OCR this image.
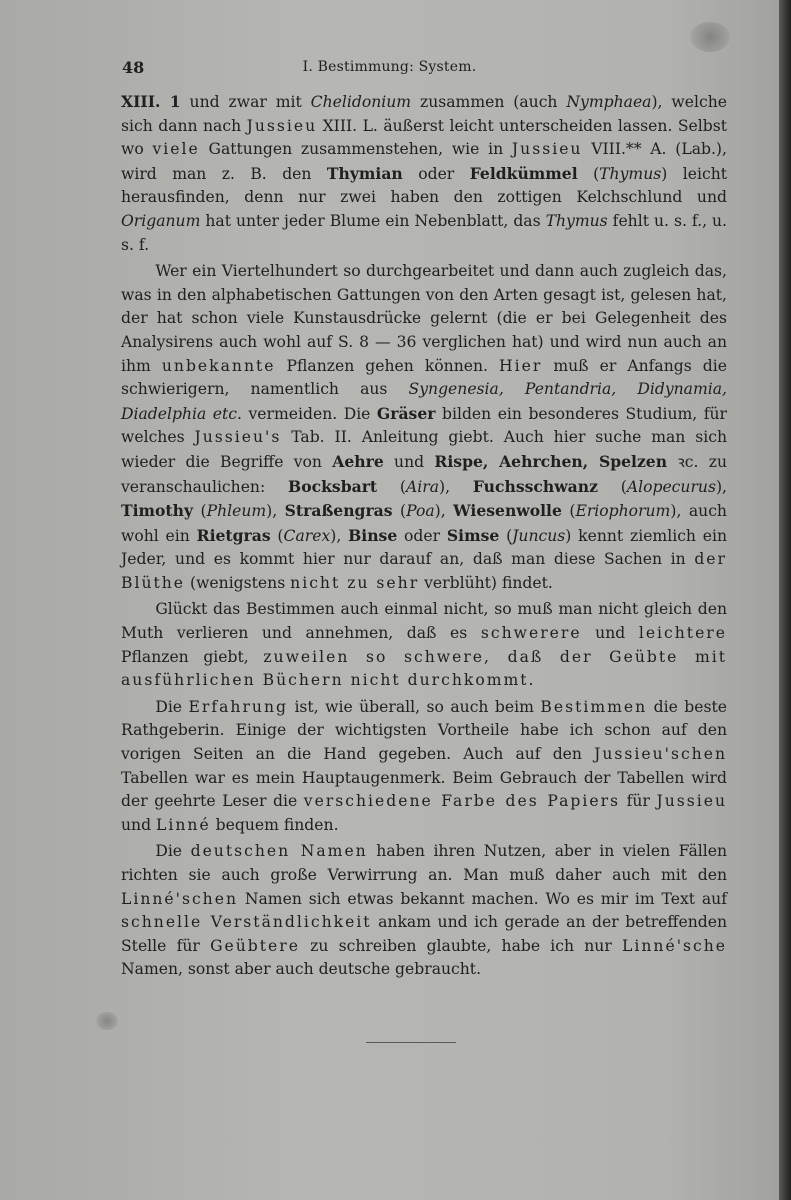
48	I. Bestimmung: System.

XIII. 1 und zwar mit Chelidonium zusammen (auch Nymphaea), welche sich dann nach Jussieu XIII. L. äußerst leicht unterscheiden lassen. Selbst wo viele Gattungen zusammenstehen, wie in Jussieu VIII.** A. (Lab.), wird man z. B. den Thymian oder Feldkümmel (Thymus) leicht herausfinden, denn nur zwei haben den zottigen Kelchschlund und Origanum hat unter jeder Blume ein Nebenblatt, das Thymus fehlt u. s. f., u. s. f.

Wer ein Viertelhundert so durchgearbeitet und dann auch zugleich das, was in den alphabetischen Gattungen von den Arten gesagt ist, gelesen hat, der hat schon viele Kunstausdrücke gelernt (die er bei Gelegenheit des Analysirens auch wohl auf S. 8 — 36 verglichen hat) und wird nun auch an ihm unbekannte Pflanzen gehen können. Hier muß er Anfangs die schwierigern, namentlich aus Syngenesia, Pentandria, Didynamia, Diadelphia etc. vermeiden. Die Gräser bilden ein besonderes Studium, für welches Jussieu's Tab. II. Anleitung giebt. Auch hier suche man sich wieder die Begriffe von Aehre und Rispe, Aehrchen, Spelzen ꝛc. zu veranschaulichen: Bocksbart (Aira), Fuchsschwanz (Alopecurus), Timothy (Phleum), Straßengras (Poa), Wiesenwolle (Eriophorum), auch wohl ein Rietgras (Carex), Binse oder Simse (Juncus) kennt ziemlich ein Jeder, und es kommt hier nur darauf an, daß man diese Sachen in der Blüthe (wenigstens nicht zu sehr verblüht) findet.

Glückt das Bestimmen auch einmal nicht, so muß man nicht gleich den Muth verlieren und annehmen, daß es schwerere und leichtere Pflanzen giebt, zuweilen so schwere, daß der Geübte mit ausführlichen Büchern nicht durchkommt.

Die Erfahrung ist, wie überall, so auch beim Bestimmen die beste Rathgeberin. Einige der wichtigsten Vortheile habe ich schon auf den vorigen Seiten an die Hand gegeben. Auch auf den Jussieu'schen Tabellen war es mein Hauptaugenmerk. Beim Gebrauch der Tabellen wird der geehrte Leser die verschiedene Farbe des Papiers für Jussieu und Linné bequem finden.

Die deutschen Namen haben ihren Nutzen, aber in vielen Fällen richten sie auch große Verwirrung an. Man muß daher auch mit den Linné'schen Namen sich etwas bekannt machen. Wo es mir im Text auf schnelle Verständlichkeit ankam und ich gerade an der betreffenden Stelle für Geübtere zu schreiben glaubte, habe ich nur Linné'sche Namen, sonst aber auch deutsche gebraucht.
